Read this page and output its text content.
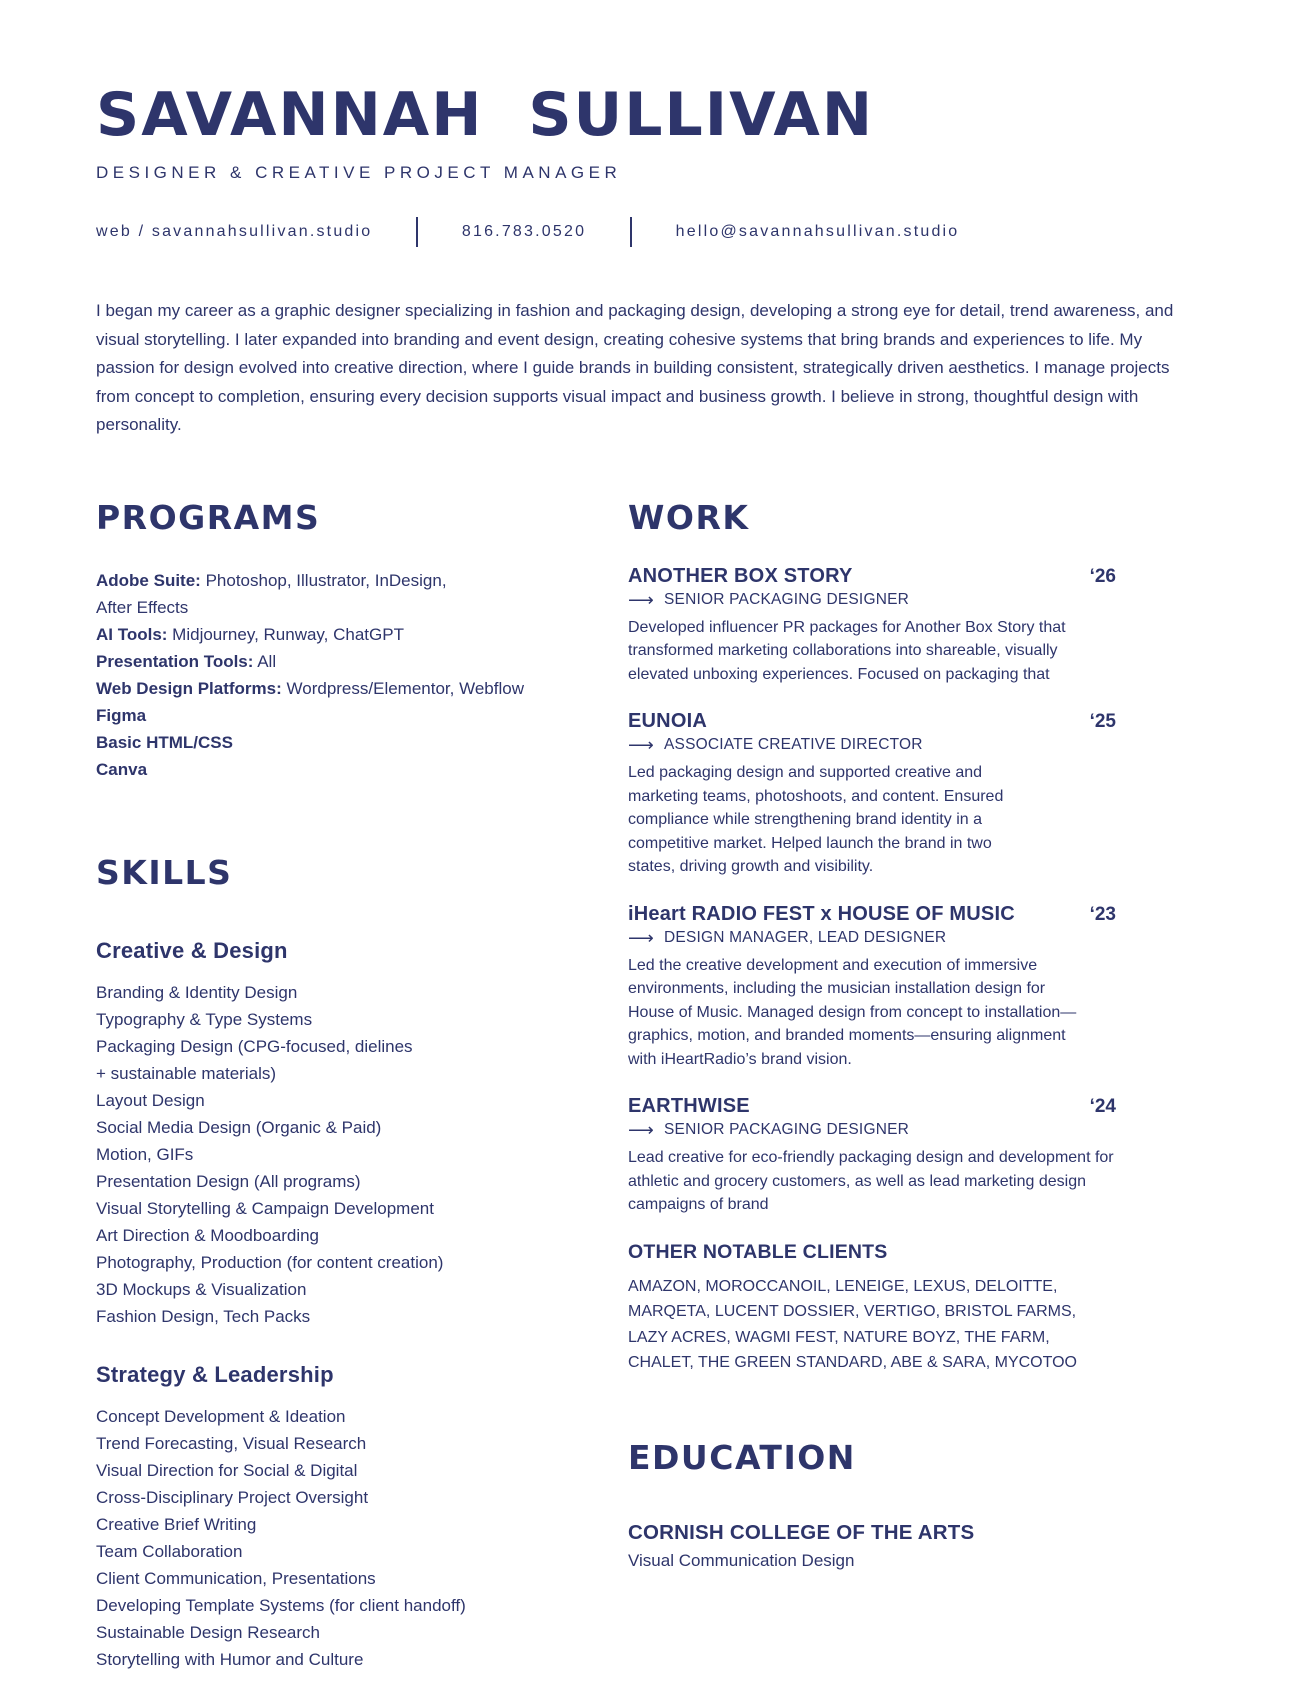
SAVANNAH SULLIVAN
DESIGNER & CREATIVE PROJECT MANAGER
web / savannahsullivan.studio	816.783.0520	hello@savannahsullivan.studio

I began my career as a graphic designer specializing in fashion and packaging design, developing a strong eye for detail, trend awareness, and visual storytelling. I later expanded into branding and event design, creating cohesive systems that bring brands and experiences to life. My passion for design evolved into creative direction, where I guide brands in building consistent, strategically driven aesthetics. I manage projects from concept to completion, ensuring every decision supports visual impact and business growth. I believe in strong, thoughtful design with personality.

PROGRAMS
Adobe Suite: Photoshop, Illustrator, InDesign,
After Effects
AI Tools: Midjourney, Runway, ChatGPT
Presentation Tools: All
Web Design Platforms: Wordpress/Elementor, Webflow
Figma
Basic HTML/CSS
Canva
SKILLS
Creative & Design
Branding & Identity Design
Typography & Type Systems
Packaging Design (CPG-focused, dielines
+ sustainable materials)
Layout Design
Social Media Design (Organic & Paid)
Motion, GIFs
Presentation Design (All programs)
Visual Storytelling & Campaign Development
Art Direction & Moodboarding
Photography, Production (for content creation)
3D Mockups & Visualization
Fashion Design, Tech Packs
Strategy & Leadership
Concept Development & Ideation
Trend Forecasting, Visual Research
Visual Direction for Social & Digital
Cross-Disciplinary Project Oversight
Creative Brief Writing
Team Collaboration
Client Communication, Presentations
Developing Template Systems (for client handoff)
Sustainable Design Research
Storytelling with Humor and Culture
WORK
ANOTHER BOX STORY	‘26
⟶ SENIOR PACKAGING DESIGNER

Developed influencer PR packages for Another Box Story that transformed marketing collaborations into shareable, visually elevated unboxing experiences. Focused on packaging that

EUNOIA	‘25
⟶ ASSOCIATE CREATIVE DIRECTOR

Led packaging design and supported creative and marketing teams, photoshoots, and content. Ensured compliance while strengthening brand identity in a competitive market. Helped launch the brand in two states, driving growth and visibility.

iHeart RADIO FEST x HOUSE OF MUSIC	‘23
⟶ DESIGN MANAGER, LEAD DESIGNER

Led the creative development and execution of immersive environments, including the musician installation design for House of Music. Managed design from concept to installation—graphics, motion, and branded moments—ensuring alignment with iHeartRadio’s brand vision.

EARTHWISE	‘24
⟶ SENIOR PACKAGING DESIGNER

Lead creative for eco-friendly packaging design and development for athletic and grocery customers, as well as lead marketing design campaigns of brand

OTHER NOTABLE CLIENTS

AMAZON, MOROCCANOIL, LENEIGE, LEXUS, DELOITTE, MARQETA, LUCENT DOSSIER, VERTIGO, BRISTOL FARMS, LAZY ACRES, WAGMI FEST, NATURE BOYZ, THE FARM, CHALET, THE GREEN STANDARD, ABE & SARA, MYCOTOO

EDUCATION
CORNISH COLLEGE OF THE ARTS
Visual Communication Design
